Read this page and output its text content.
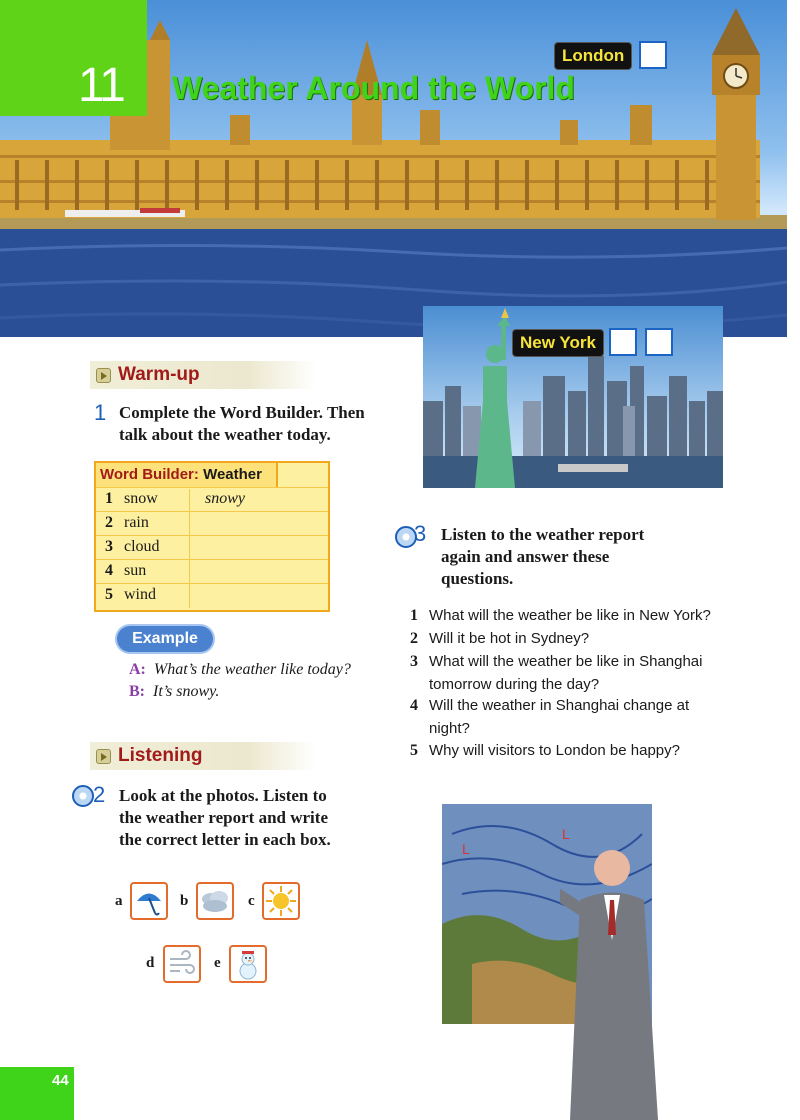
11 Weather Around the World
London
New York
Warm-up
1 Complete the Word Builder. Then
talk about the weather today.
Word Builder: Weather
1 snow	snowy
2 rain
3 cloud
4 sun
5 wind
Example
A: What’s the weather like today?
B: It’s snowy.
Listening
2 Look at the photos. Listen to
the weather report and write
the correct letter in each box.
a	b	c
d	e
3 Listen to the weather report
again and answer these
questions.
1 What will the weather be like in New York?
2 Will it be hot in Sydney?
3 What will the weather be like in Shanghai
tomorrow during the day?
4 Will the weather in Shanghai change at
night?
5 Why will visitors to London be happy?
L
L
44
